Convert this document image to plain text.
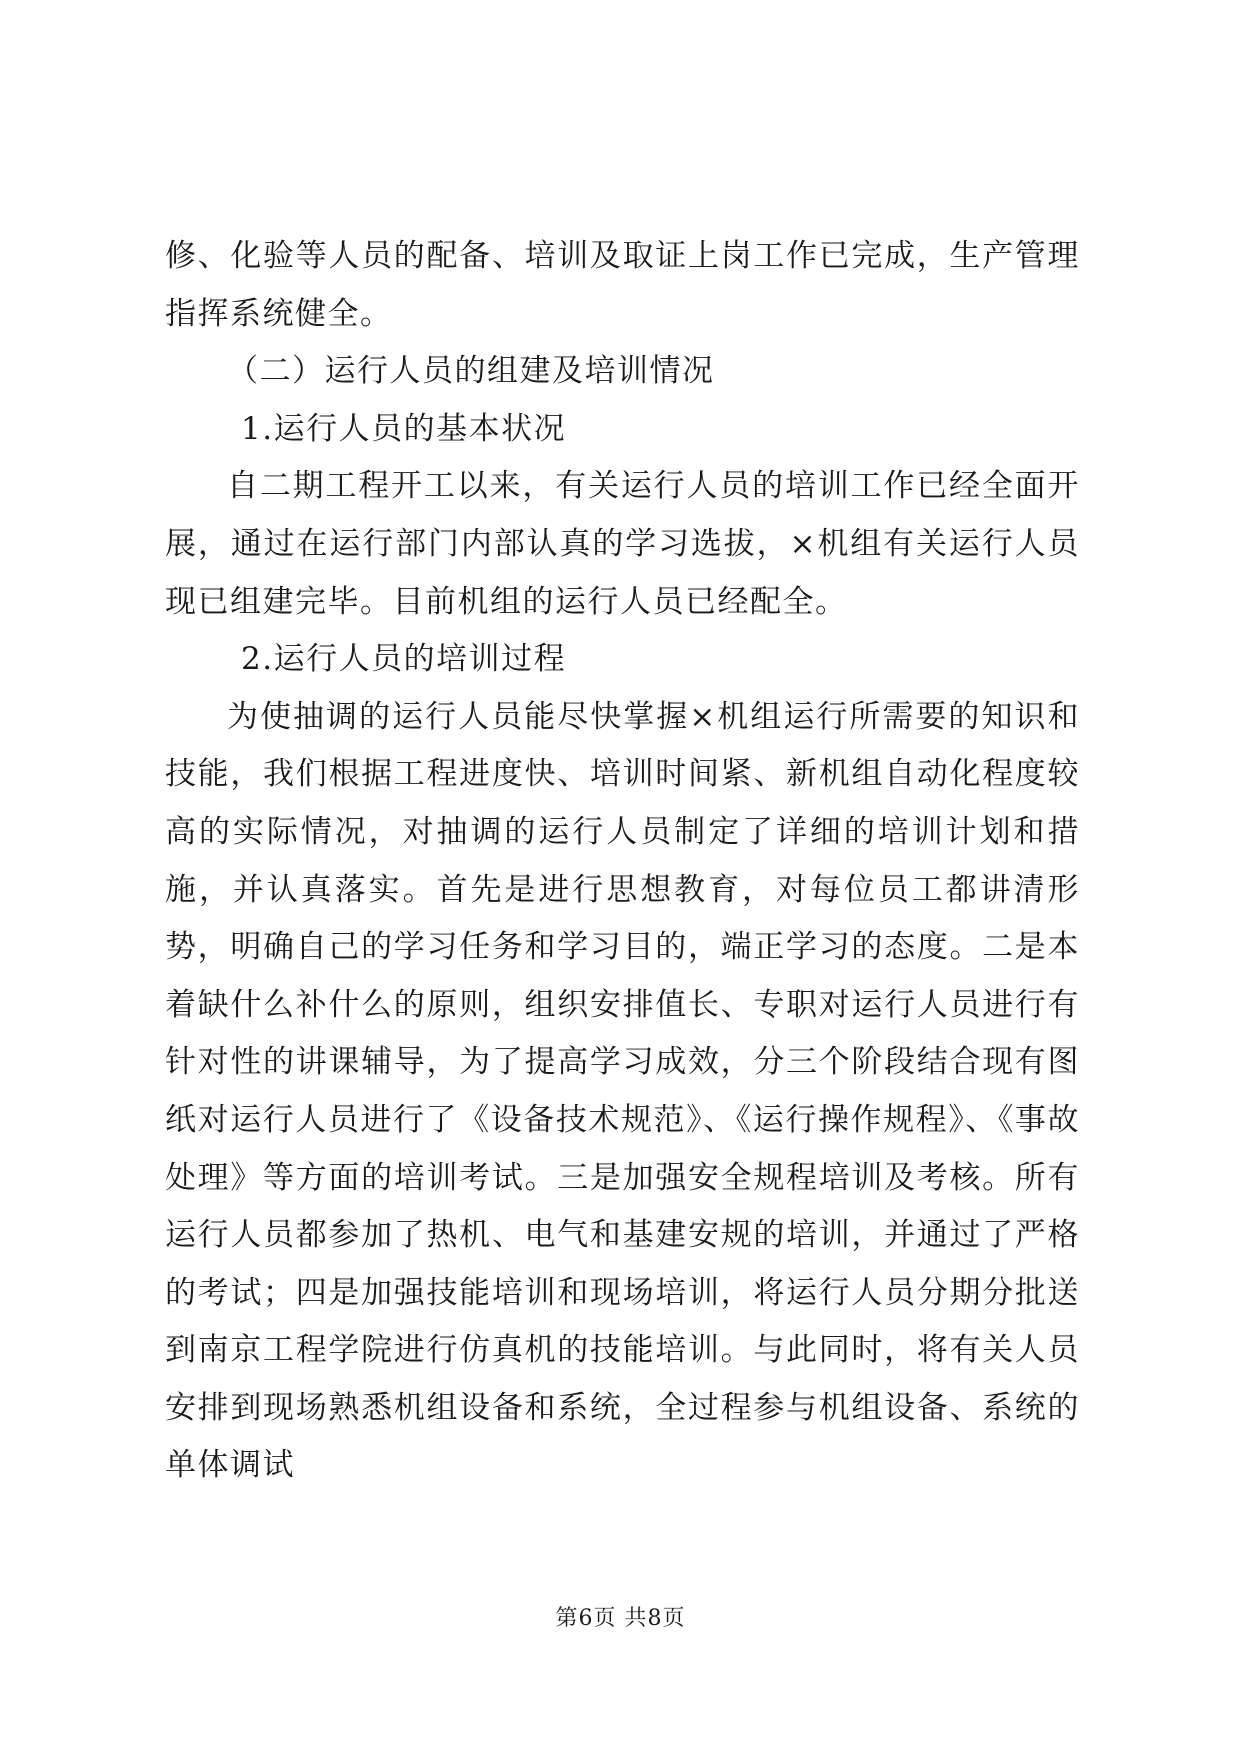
修、化验等人员的配备、培训及取证上岗工作已完成，生产管理指挥系统健全。

（二）运行人员的组建及培训情况

1.运行人员的基本状况

自二期工程开工以来，有关运行人员的培训工作已经全面开展，通过在运行部门内部认真的学习选拔，×机组有关运行人员现已组建完毕。目前机组的运行人员已经配全。

2.运行人员的培训过程

为使抽调的运行人员能尽快掌握×机组运行所需要的知识和技能，我们根据工程进度快、培训时间紧、新机组自动化程度较高的实际情况，对抽调的运行人员制定了详细的培训计划和措施，并认真落实。首先是进行思想教育，对每位员工都讲清形势，明确自己的学习任务和学习目的，端正学习的态度。二是本着缺什么补什么的原则，组织安排值长、专职对运行人员进行有针对性的讲课辅导，为了提高学习成效，分三个阶段结合现有图纸对运行人员进行了《设备技术规范》、《运行操作规程》、《事故处理》等方面的培训考试。三是加强安全规程培训及考核。所有运行人员都参加了热机、电气和基建安规的培训，并通过了严格的考试；四是加强技能培训和现场培训，将运行人员分期分批送到南京工程学院进行仿真机的技能培训。与此同时，将有关人员安排到现场熟悉机组设备和系统，全过程参与机组设备、系统的单体调试

第6页 共8页
